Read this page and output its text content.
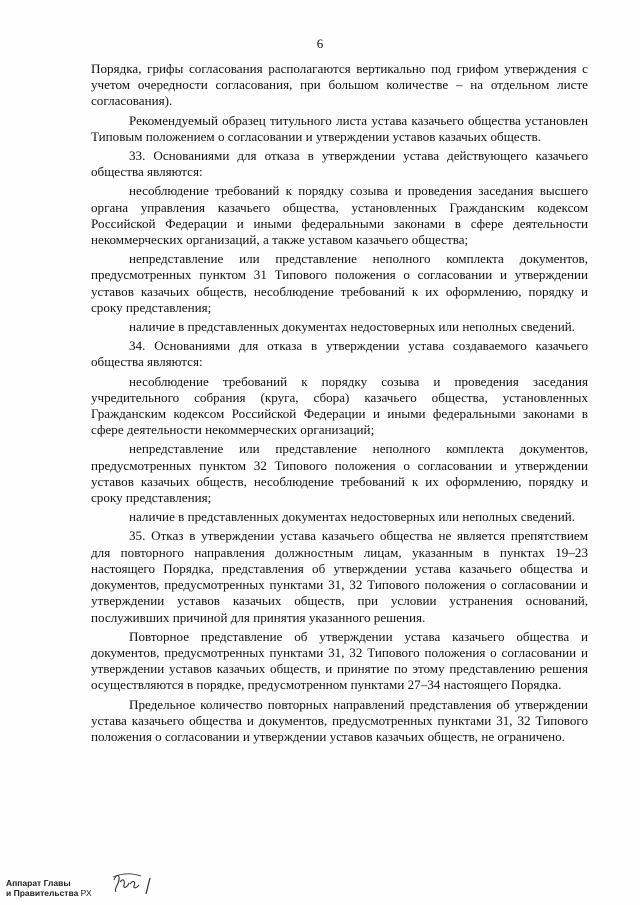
6

Порядка, грифы согласования располагаются вертикально под грифом утверждения с учетом очередности согласования, при большом количестве – на отдельном листе согласования).

Рекомендуемый образец титульного листа устава казачьего общества установлен Типовым положением о согласовании и утверждении уставов казачьих обществ.

33. Основаниями для отказа в утверждении устава действующего казачьего общества являются:

несоблюдение требований к порядку созыва и проведения заседания высшего органа управления казачьего общества, установленных Гражданским кодексом Российской Федерации и иными федеральными законами в сфере деятельности некоммерческих организаций, а также уставом казачьего общества;

непредставление или представление неполного комплекта документов, предусмотренных пунктом 31 Типового положения о согласовании и утверждении уставов казачьих обществ, несоблюдение требований к их оформлению, порядку и сроку представления;

наличие в представленных документах недостоверных или неполных сведений.

34. Основаниями для отказа в утверждении устава создаваемого казачьего общества являются:

несоблюдение требований к порядку созыва и проведения заседания учредительного собрания (круга, сбора) казачьего общества, установленных Гражданским кодексом Российской Федерации и иными федеральными законами в сфере деятельности некоммерческих организаций;

непредставление или представление неполного комплекта документов, предусмотренных пунктом 32 Типового положения о согласовании и утверждении уставов казачьих обществ, несоблюдение требований к их оформлению, порядку и сроку представления;

наличие в представленных документах недостоверных или неполных сведений.

35. Отказ в утверждении устава казачьего общества не является препятствием для повторного направления должностным лицам, указанным в пунктах 19–23 настоящего Порядка, представления об утверждении устава казачьего общества и документов, предусмотренных пунктами 31, 32 Типового положения о согласовании и утверждении уставов казачьих обществ, при условии устранения оснований, послуживших причиной для принятия указанного решения.

Повторное представление об утверждении устава казачьего общества и документов, предусмотренных пунктами 31, 32 Типового положения о согласовании и утверждении уставов казачьих обществ, и принятие по этому представлению решения осуществляются в порядке, предусмотренном пунктами 27–34 настоящего Порядка.

Предельное количество повторных направлений представления об утверждении устава казачьего общества и документов, предусмотренных пунктами 31, 32 Типового положения о согласовании и утверждении уставов казачьих обществ, не ограничено.

Аппарат Главы
и Правительства РХ
